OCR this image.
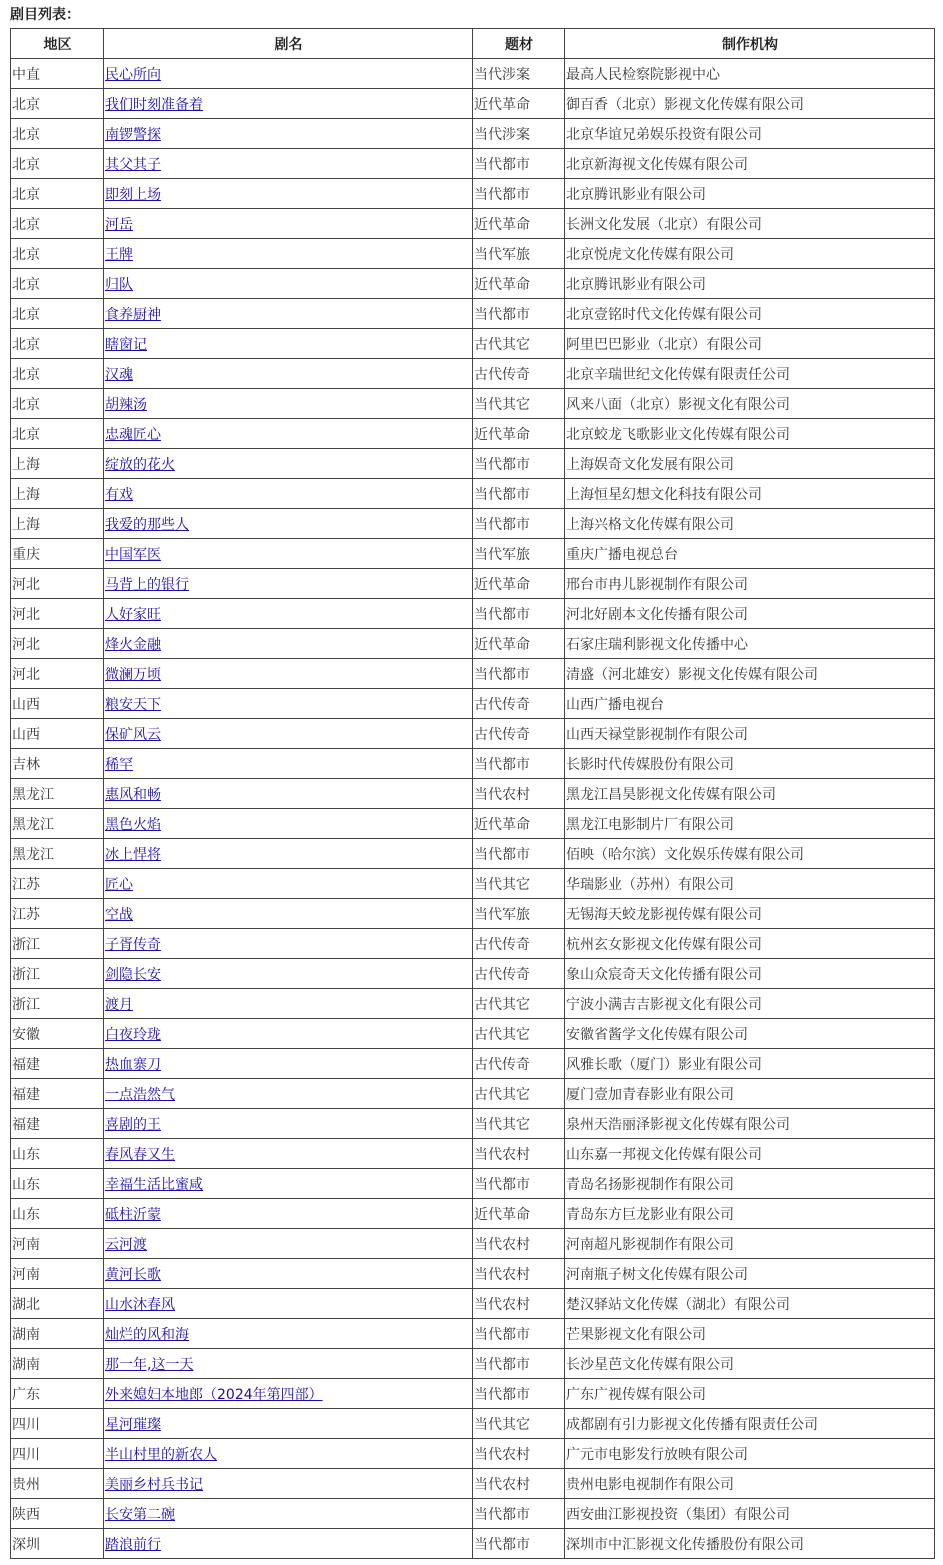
剧目列表：
地区	剧名	题材	制作机构
中直	民心所向	当代涉案	最高人民检察院影视中心
北京	我们时刻准备着	近代革命	御百香（北京）影视文化传媒有限公司
北京	南锣警探	当代涉案	北京华谊兄弟娱乐投资有限公司
北京	其父其子	当代都市	北京新海视文化传媒有限公司
北京	即刻上场	当代都市	北京腾讯影业有限公司
北京	河岳	近代革命	长洲文化发展（北京）有限公司
北京	王牌	当代军旅	北京悦虎文化传媒有限公司
北京	归队	近代革命	北京腾讯影业有限公司
北京	食养厨神	当代都市	北京壹铭时代文化传媒有限公司
北京	瞎窗记	古代其它	阿里巴巴影业（北京）有限公司
北京	汉魂	古代传奇	北京辛瑞世纪文化传媒有限责任公司
北京	胡辣汤	当代其它	风来八面（北京）影视文化有限公司
北京	忠魂匠心	近代革命	北京蛟龙飞歌影业文化传媒有限公司
上海	绽放的花火	当代都市	上海娱奇文化发展有限公司
上海	有戏	当代都市	上海恒星幻想文化科技有限公司
上海	我爱的那些人	当代都市	上海兴格文化传媒有限公司
重庆	中国军医	当代军旅	重庆广播电视总台
河北	马背上的银行	近代革命	邢台市冉儿影视制作有限公司
河北	人好家旺	当代都市	河北好剧本文化传播有限公司
河北	烽火金融	近代革命	石家庄瑞利影视文化传播中心
河北	微澜万顷	当代都市	清盛（河北雄安）影视文化传媒有限公司
山西	粮安天下	古代传奇	山西广播电视台
山西	保矿风云	古代传奇	山西天禄堂影视制作有限公司
吉林	稀罕	当代都市	长影时代传媒股份有限公司
黑龙江	惠风和畅	当代农村	黑龙江昌昊影视文化传媒有限公司
黑龙江	黑色火焰	近代革命	黑龙江电影制片厂有限公司
黑龙江	冰上悍将	当代都市	佰映（哈尔滨）文化娱乐传媒有限公司
江苏	匠心	当代其它	华瑞影业（苏州）有限公司
江苏	空战	当代军旅	无锡海天蛟龙影视传媒有限公司
浙江	子胥传奇	古代传奇	杭州玄女影视文化传媒有限公司
浙江	剑隐长安	古代传奇	象山众宸奇天文化传播有限公司
浙江	渡月	古代其它	宁波小满吉吉影视文化有限公司
安徽	白夜玲珑	古代其它	安徽省酱学文化传媒有限公司
福建	热血寨刀	古代传奇	风雅长歌（厦门）影业有限公司
福建	一点浩然气	古代其它	厦门壹加青春影业有限公司
福建	喜剧的王	当代其它	泉州天浩丽泽影视文化传媒有限公司
山东	春风春又生	当代农村	山东嘉一邦视文化传媒有限公司
山东	幸福生活比蜜咸	当代都市	青岛名扬影视制作有限公司
山东	砥柱沂蒙	近代革命	青岛东方巨龙影业有限公司
河南	云河渡	当代农村	河南超凡影视制作有限公司
河南	黄河长歌	当代农村	河南瓶子树文化传媒有限公司
湖北	山水沐春风	当代农村	楚汉驿站文化传媒（湖北）有限公司
湖南	灿烂的风和海	当代都市	芒果影视文化有限公司
湖南	那一年,这一天	当代都市	长沙星芭文化传媒有限公司
广东	外来媳妇本地郎（2024年第四部）	当代都市	广东广视传媒有限公司
四川	星河璀璨	当代其它	成都剧有引力影视文化传播有限责任公司
四川	半山村里的新农人	当代农村	广元市电影发行放映有限公司
贵州	美丽乡村兵书记	当代农村	贵州电影电视制作有限公司
陕西	长安第二碗	当代都市	西安曲江影视投资（集团）有限公司
深圳	踏浪前行	当代都市	深圳市中汇影视文化传播股份有限公司
